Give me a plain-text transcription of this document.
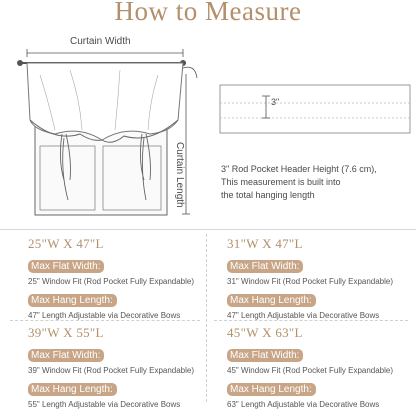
How to Measure
Curtain Width
Curtain Length
3"
3" Rod Pocket Header Height (7.6 cm),
This measurement is built into
the total hanging length
25"W X 47"L
Max Flat Width:
25" Window Fit (Rod Pocket Fully Expandable)
Max Hang Length:
47" Length Adjustable via Decorative Bows
31"W X 47"L
Max Flat Width:
31" Window Fit (Rod Pocket Fully Expandable)
Max Hang Length:
47" Length Adjustable via Decorative Bows
39"W X 55"L
Max Flat Width:
39" Window Fit (Rod Pocket Fully Expandable)
Max Hang Length:
55" Length Adjustable via Decorative Bows
45"W X 63"L
Max Flat Width:
45" Window Fit (Rod Pocket Fully Expandable)
Max Hang Length:
63" Length Adjustable via Decorative Bows
